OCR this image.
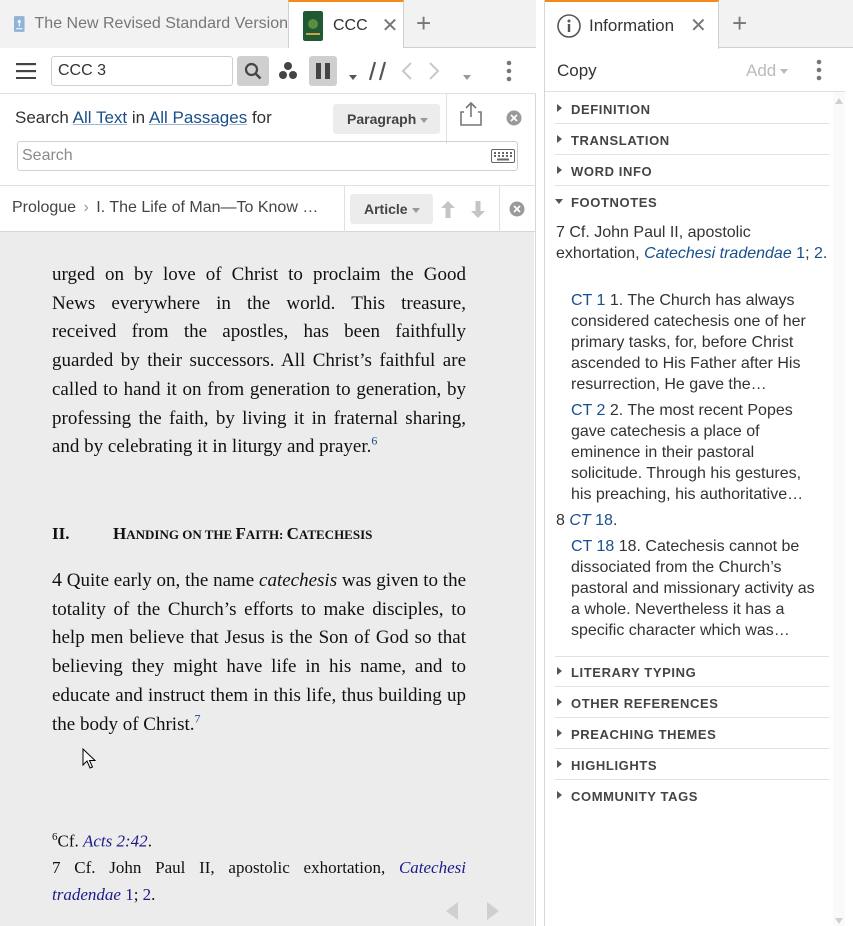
The New Revised Standard Version	CCC ✕ +
CCC 3
Search All Text in All Passages for	Paragraph
Search
Prologue › I. The Life of Man—To Know …	Article
urged on by love of Christ to proclaim the Good News everywhere in the world. This treasure, received from the apostles, has been faithfully guarded by their successors. All Christ’s faithful are called to hand it on from generation to generation, by professing the faith, by living it in fraternal sharing, and by celebrating it in liturgy and prayer.$^6$
II.	HANDING ON THE FAITH: CATECHESIS
4 Quite early on, the name catechesis was given to the totality of the Church’s efforts to make disciples, to help men believe that Jesus is the Son of God so that believing they might have life in his name, and to educate and instruct them in this life, thus building up the body of Christ.$^7$
$^6$Cf. Acts 2:42.
7 Cf. John Paul II, apostolic exhortation, Catechesi tradendae 1; 2.
Information ✕ +
Copy	Add
DEFINITION
TRANSLATION
WORD INFO
FOOTNOTES
7 Cf. John Paul II, apostolic exhortation, Catechesi tradendae 1; 2.
CT 1 1. The Church has always considered catechesis one of her primary tasks, for, before Christ ascended to His Father after His resurrection, He gave the…
CT 2 2. The most recent Popes gave catechesis a place of eminence in their pastoral solicitude. Through his gestures, his preaching, his authoritative…
8 CT 18.
CT 18 18. Catechesis cannot be dissociated from the Church’s pastoral and missionary activity as a whole. Nevertheless it has a specific character which was…
LITERARY TYPING
OTHER REFERENCES
PREACHING THEMES
HIGHLIGHTS
COMMUNITY TAGS
